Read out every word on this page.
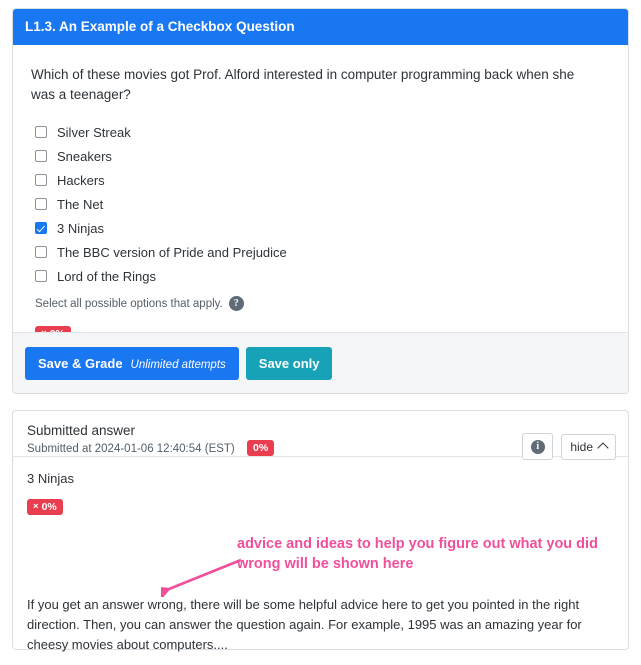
L1.3. An Example of a Checkbox Question
Which of these movies got Prof. Alford interested in computer programming back when she was a teenager?
Silver Streak
Sneakers
Hackers
The Net
3 Ninjas
The BBC version of Pride and Prejudice
Lord of the Rings
Select all possible options that apply.	?
Save & Grade Unlimited attempts	Save only
Submitted answer
Submitted at 2024-01-06 12:40:54 (EST)	0%	i	hide
3 Ninjas
× 0%
advice and ideas to help you figure out what you did wrong will be shown here
If you get an answer wrong, there will be some helpful advice here to get you pointed in the right direction. Then, you can answer the question again. For example, 1995 was an amazing year for cheesy movies about computers....
